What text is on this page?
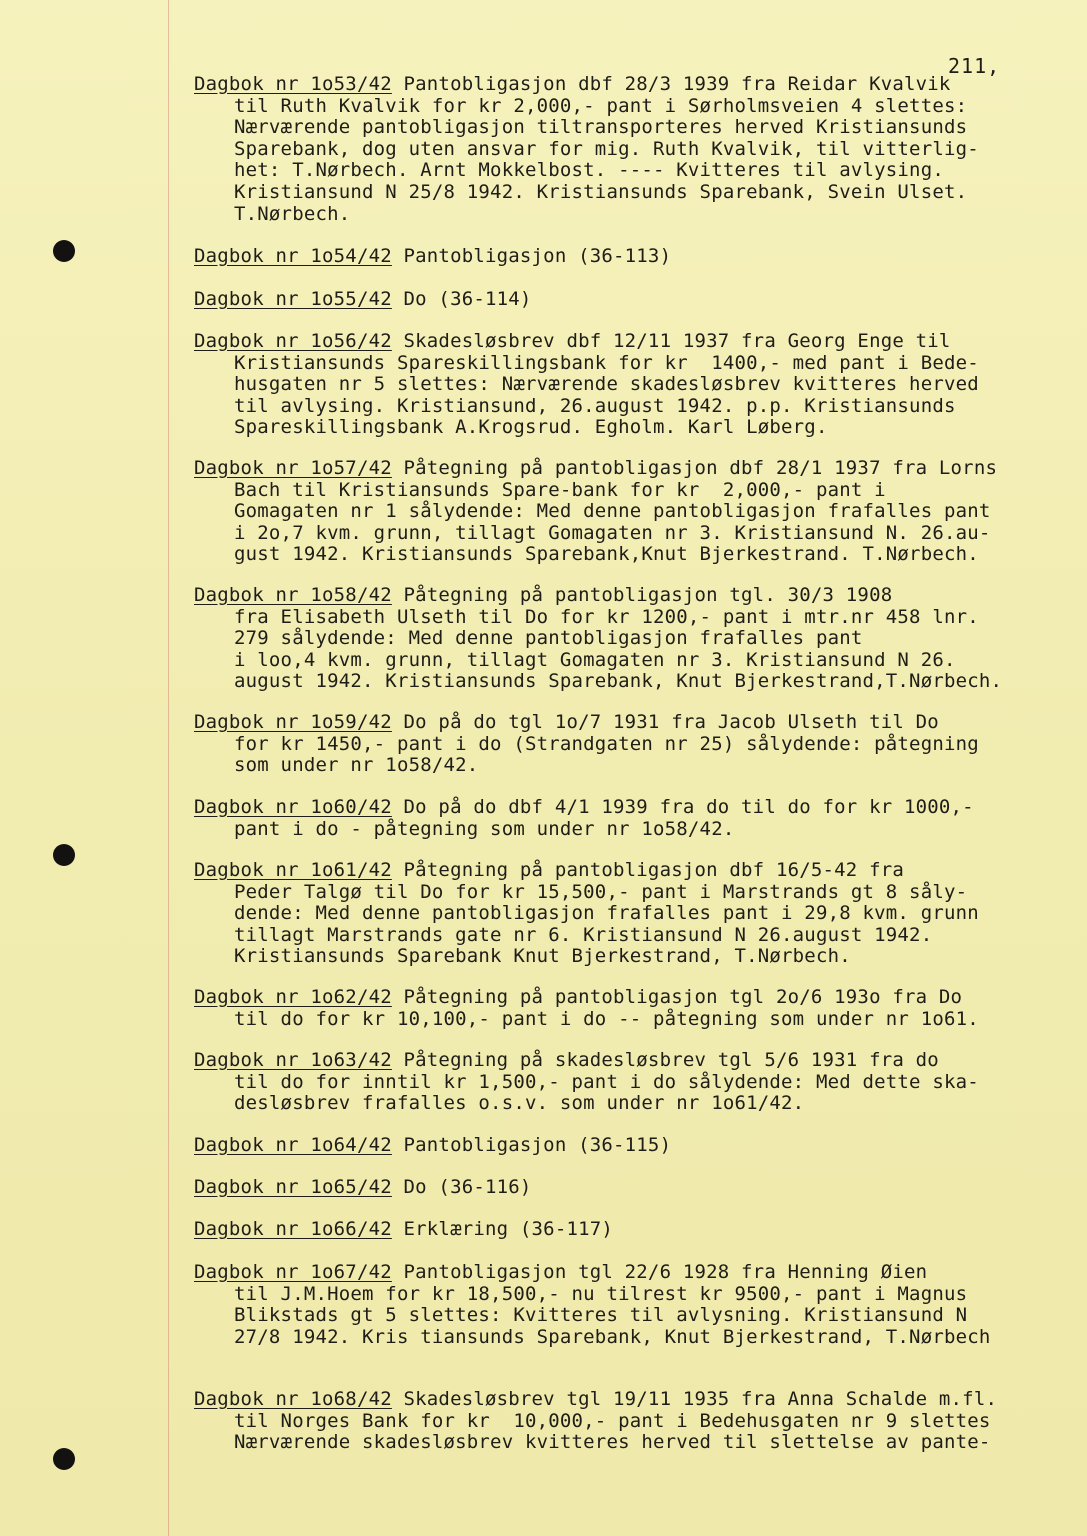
211,
Dagbok nr 1o53/42 Pantobligasjon dbf 28/3 1939 fra Reidar Kvalvik
til Ruth Kvalvik for kr 2,000,- pant i Sørholmsveien 4 slettes:
Nærværende pantobligasjon tiltransporteres herved Kristiansunds
Sparebank, dog uten ansvar for mig. Ruth Kvalvik, til vitterlig-
het: T.Nørbech. Arnt Mokkelbost. ---- Kvitteres til avlysing.
Kristiansund N 25/8 1942. Kristiansunds Sparebank, Svein Ulset.
T.Nørbech.
Dagbok nr 1o54/42 Pantobligasjon (36-113)
Dagbok nr 1o55/42 Do (36-114)
Dagbok nr 1o56/42 Skadesløsbrev dbf 12/11 1937 fra Georg Enge til
Kristiansunds Spareskillingsbank for kr  1400,- med pant i Bede-
husgaten nr 5 slettes: Nærværende skadesløsbrev kvitteres herved
til avlysing. Kristiansund, 26.august 1942. p.p. Kristiansunds
Spareskillingsbank A.Krogsrud. Egholm. Karl Løberg.
Dagbok nr 1o57/42 Påtegning på pantobligasjon dbf 28/1 1937 fra Lorns
Bach til Kristiansunds Spare-bank for kr  2,000,- pant i
Gomagaten nr 1 sålydende: Med denne pantobligasjon frafalles pant
i 2o,7 kvm. grunn, tillagt Gomagaten nr 3. Kristiansund N. 26.au-
gust 1942. Kristiansunds Sparebank,Knut Bjerkestrand. T.Nørbech.
Dagbok nr 1o58/42 Påtegning på pantobligasjon tgl. 30/3 1908
fra Elisabeth Ulseth til Do for kr 1200,- pant i mtr.nr 458 lnr.
279 sålydende: Med denne pantobligasjon frafalles pant
i loo,4 kvm. grunn, tillagt Gomagaten nr 3. Kristiansund N 26.
august 1942. Kristiansunds Sparebank, Knut Bjerkestrand,T.Nørbech.
Dagbok nr 1o59/42 Do på do tgl 1o/7 1931 fra Jacob Ulseth til Do
for kr 1450,- pant i do (Strandgaten nr 25) sålydende: påtegning
som under nr 1o58/42.
Dagbok nr 1o60/42 Do på do dbf 4/1 1939 fra do til do for kr 1000,-
pant i do - påtegning som under nr 1o58/42.
Dagbok nr 1o61/42 Påtegning på pantobligasjon dbf 16/5-42 fra
Peder Talgø til Do for kr 15,500,- pant i Marstrands gt 8 såly-
dende: Med denne pantobligasjon frafalles pant i 29,8 kvm. grunn
tillagt Marstrands gate nr 6. Kristiansund N 26.august 1942.
Kristiansunds Sparebank Knut Bjerkestrand, T.Nørbech.
Dagbok nr 1o62/42 Påtegning på pantobligasjon tgl 2o/6 193o fra Do
til do for kr 10,100,- pant i do -- påtegning som under nr 1o61.
Dagbok nr 1o63/42 Påtegning på skadesløsbrev tgl 5/6 1931 fra do
til do for inntil kr 1,500,- pant i do sålydende: Med dette ska-
desløsbrev frafalles o.s.v. som under nr 1o61/42.
Dagbok nr 1o64/42 Pantobligasjon (36-115)
Dagbok nr 1o65/42 Do (36-116)
Dagbok nr 1o66/42 Erklæring (36-117)
Dagbok nr 1o67/42 Pantobligasjon tgl 22/6 1928 fra Henning Øien
til J.M.Hoem for kr 18,500,- nu tilrest kr 9500,- pant i Magnus
Blikstads gt 5 slettes: Kvitteres til avlysning. Kristiansund N
27/8 1942. Kris tiansunds Sparebank, Knut Bjerkestrand, T.Nørbech
Dagbok nr 1o68/42 Skadesløsbrev tgl 19/11 1935 fra Anna Schalde m.fl.
til Norges Bank for kr  10,000,- pant i Bedehusgaten nr 9 slettes
Nærværende skadesløsbrev kvitteres herved til slettelse av pante-
